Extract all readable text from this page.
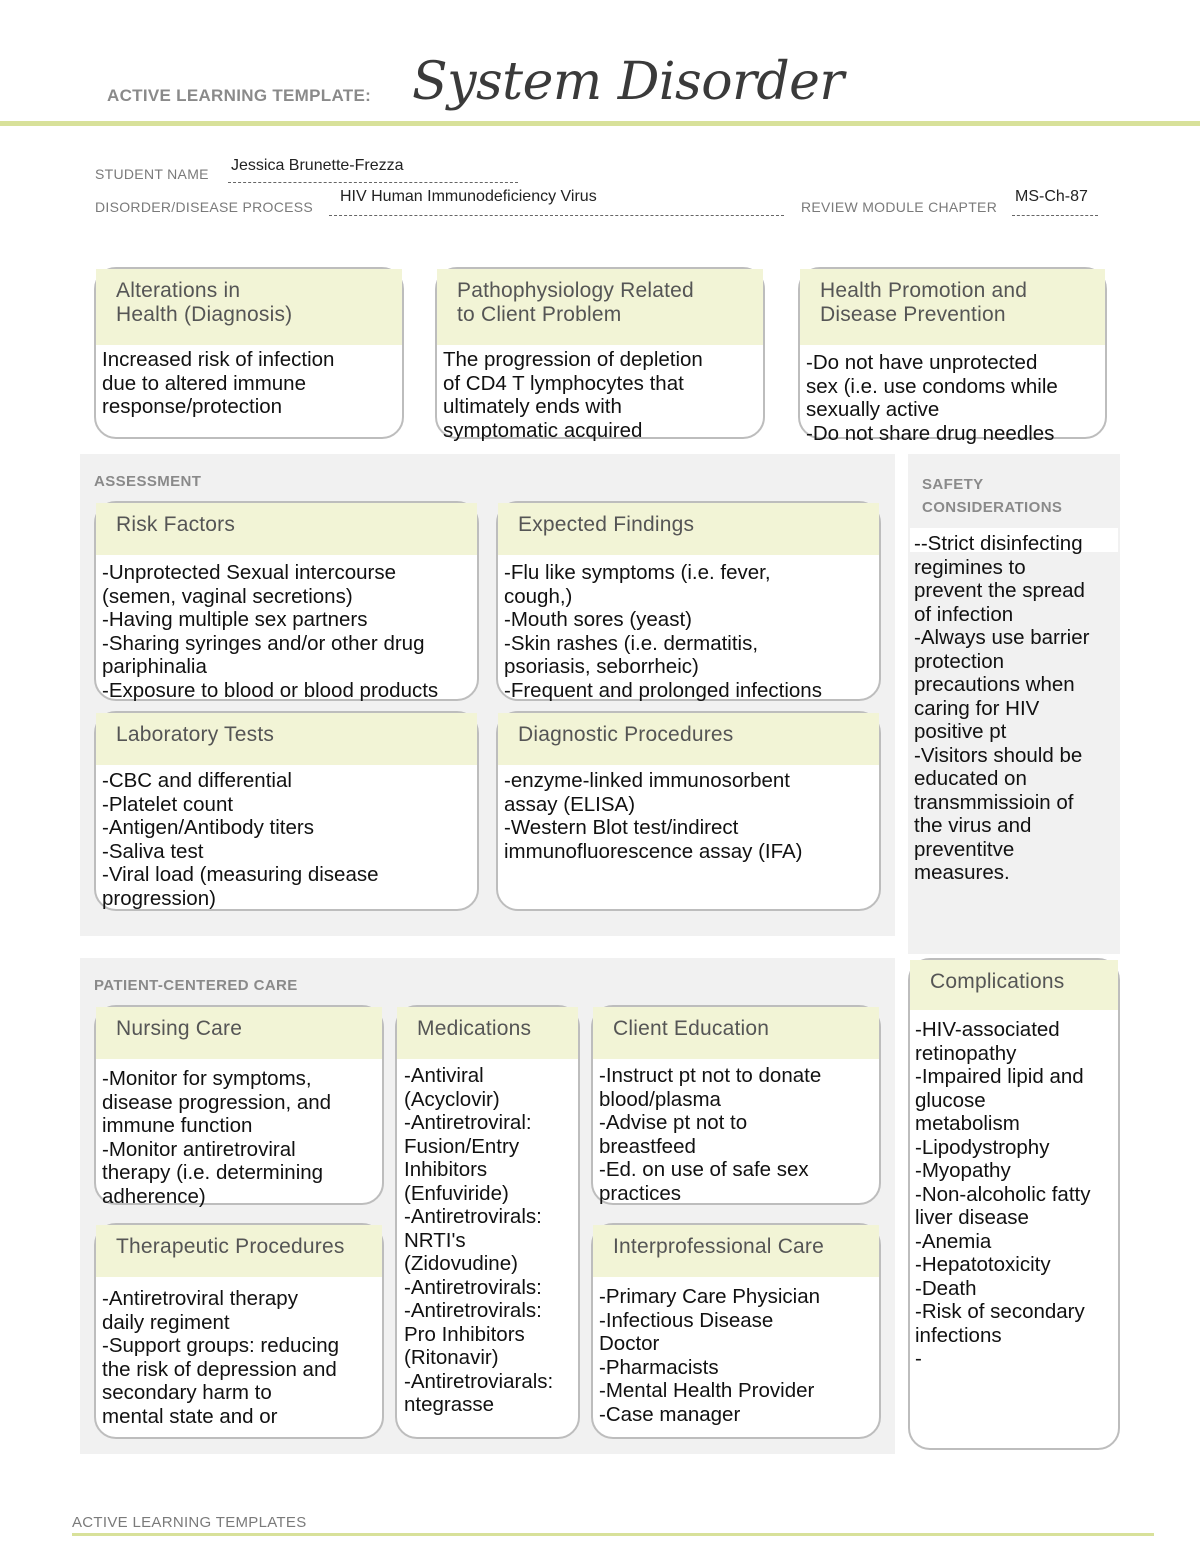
ACTIVE LEARNING TEMPLATE: System Disorder
STUDENT NAME Jessica Brunette-Frezza
DISORDER/DISEASE PROCESS
HIV Human Immunodeficiency Virus
REVIEW MODULE CHAPTER
MS-Ch-87
Alterations in
Health (Diagnosis)
Increased risk of infection
due to altered immune
response/protection
Pathophysiology Related
to Client Problem
The progression of depletion
of CD4 T lymphocytes that
ultimately ends with
symptomatic acquired
Health Promotion and
Disease Prevention
-Do not have unprotected
sex (i.e. use condoms while
sexually active
-Do not share drug needles
ASSESSMENT
Risk Factors
-Unprotected Sexual intercourse
(semen, vaginal secretions)
-Having multiple sex partners
-Sharing syringes and/or other drug
pariphinalia
-Exposure to blood or blood products
Expected Findings
-Flu like symptoms (i.e. fever,
cough,)
-Mouth sores (yeast)
-Skin rashes (i.e. dermatitis,
psoriasis, seborrheic)
-Frequent and prolonged infections
Laboratory Tests
-CBC and differential
-Platelet count
-Antigen/Antibody titers
-Saliva test
-Viral load (measuring disease
progression)
Diagnostic Procedures
-enzyme-linked immunosorbent
assay (ELISA)
-Western Blot test/indirect
immunofluorescence assay (IFA)
SAFETY
CONSIDERATIONS
--Strict disinfecting
regimines to
prevent the spread
of infection
-Always use barrier
protection
precautions when
caring for HIV
positive pt
-Visitors should be
educated on
transmmissioin of
the virus and
preventitve
measures.
PATIENT-CENTERED CARE
Nursing Care
-Monitor for symptoms,
disease progression, and
immune function
-Monitor antiretroviral
therapy (i.e. determining
adherence)
Medications
-Antiviral
(Acyclovir)
-Antiretroviral:
Fusion/Entry
Inhibitors
(Enfuviride)
-Antiretrovirals:
NRTI's
(Zidovudine)
-Antiretrovirals:
-Antiretrovirals:
Pro Inhibitors
(Ritonavir)
-Antiretroviarals:
ntegrasse
Client Education
-Instruct pt not to donate
blood/plasma
-Advise pt not to
breastfeed
-Ed. on use of safe sex
practices
Therapeutic Procedures
-Antiretroviral therapy
daily regiment
-Support groups: reducing
the risk of depression and
secondary harm to
mental state and or
Interprofessional Care
-Primary Care Physician
-Infectious Disease
Doctor
-Pharmacists
-Mental Health Provider
-Case manager
Complications
-HIV-associated
retinopathy
-Impaired lipid and
glucose
metabolism
-Lipodystrophy
-Myopathy
-Non-alcoholic fatty
liver disease
-Anemia
-Hepatotoxicity
-Death
-Risk of secondary
infections
-
ACTIVE LEARNING TEMPLATES
